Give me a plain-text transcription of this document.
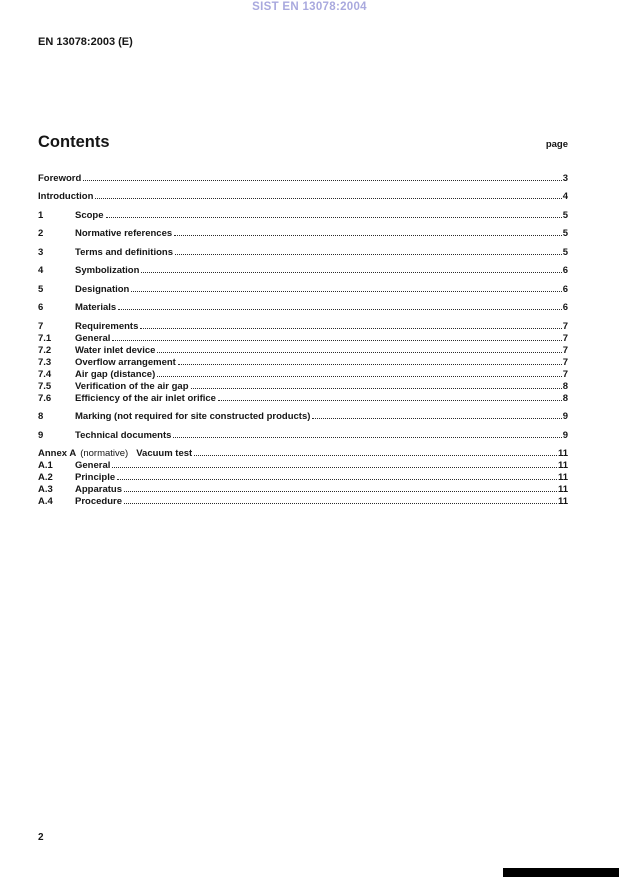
SIST EN 13078:2004
EN 13078:2003 (E)
Contents	page
Foreword	3
Introduction	4
1	Scope	5
2	Normative references	5
3	Terms and definitions	5
4	Symbolization	6
5	Designation	6
6	Materials	6
7	Requirements	7
7.1	General	7
7.2	Water inlet device	7
7.3	Overflow arrangement	7
7.4	Air gap (distance)	7
7.5	Verification of the air gap	8
7.6	Efficiency of the air inlet orifice	8
8	Marking (not required for site constructed products)	9
9	Technical documents	9
Annex A (normative) Vacuum test	11
A.1	General	11
A.2	Principle	11
A.3	Apparatus	11
A.4	Procedure	11
2
